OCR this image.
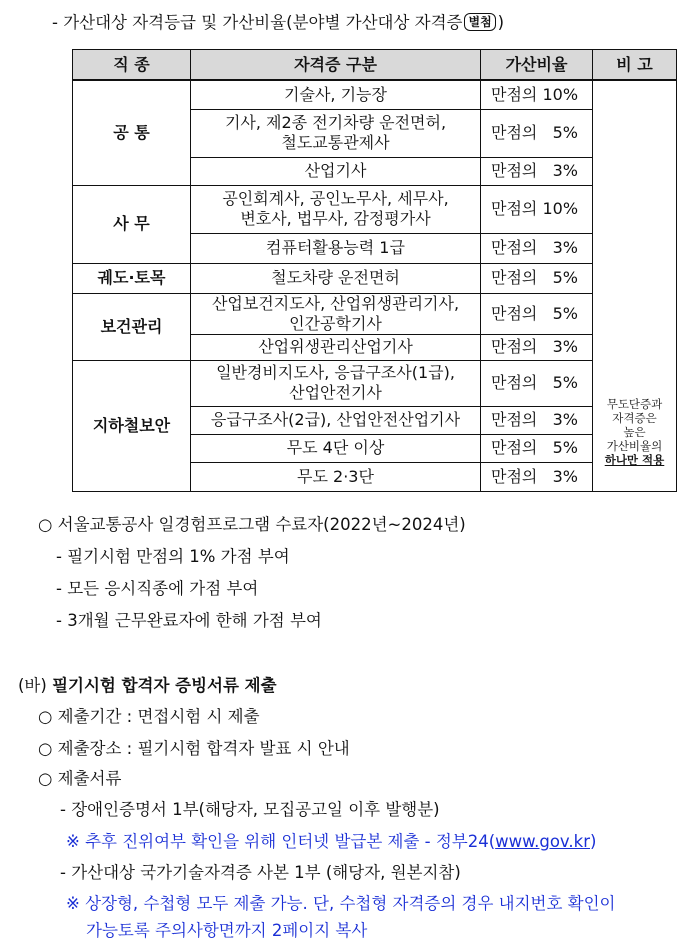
- 가산대상 자격등급 및 가산비율(분야별 가산대상 자격증 별첨 )
직 종	자격증 구분	가산비율	비 고
공 통	기술사, 기능장	만점의 10%	무도단증과
자격증은
높은
가산비율의
하나만 적용

	기사, 제2종 전기차량 운전면허,
철도교통관제사	만점의   5%	

	산업기사	만점의   3%	
사 무	공인회계사, 공인노무사, 세무사,
변호사, 법무사, 감정평가사	만점의 10%	

	컴퓨터활용능력 1급	만점의   3%	
궤도·토목	철도차량 운전면허	만점의   5%	
보건관리	산업보건지도사, 산업위생관리기사,
인간공학기사	만점의   5%	

	산업위생관리산업기사	만점의   3%	
지하철보안	일반경비지도사, 응급구조사(1급),
산업안전기사	만점의   5%	

	응급구조사(2급), 산업안전산업기사	만점의   3%	

	무도 4단 이상	만점의   5%	

	무도 2·3단	만점의   3%	
○ 서울교통공사 일경험프로그램 수료자(2022년~2024년)
- 필기시험 만점의 1% 가점 부여
- 모든 응시직종에 가점 부여
- 3개월 근무완료자에 한해 가점 부여
(바) 필기시험 합격자 증빙서류 제출
○ 제출기간 : 면접시험 시 제출
○ 제출장소 : 필기시험 합격자 발표 시 안내
○ 제출서류
- 장애인증명서 1부(해당자, 모집공고일 이후 발행분)
※ 추후 진위여부 확인을 위해 인터넷 발급본 제출 - 정부24(www.gov.kr)
- 가산대상 국가기술자격증 사본 1부 (해당자, 원본지참)
※ 상장형, 수첩형 모두 제출 가능. 단, 수첩형 자격증의 경우 내지번호 확인이
가능토록 주의사항면까지 2페이지 복사
